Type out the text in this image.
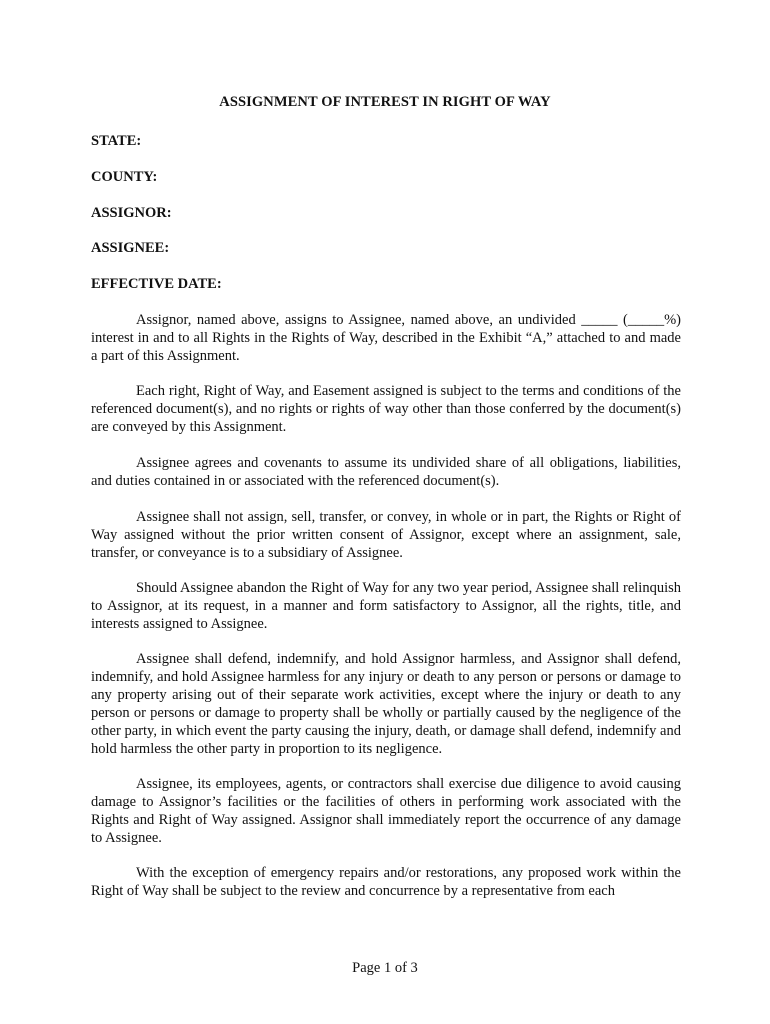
ASSIGNMENT OF INTEREST IN RIGHT OF WAY
STATE:
COUNTY:
ASSIGNOR:
ASSIGNEE:
EFFECTIVE DATE:

Assignor, named above, assigns to Assignee, named above, an undivided _____ (_____%) interest in and to all Rights in the Rights of Way, described in the Exhibit “A,” attached to and made a part of this Assignment.

Each right, Right of Way, and Easement assigned is subject to the terms and conditions of the referenced document(s), and no rights or rights of way other than those conferred by the document(s) are conveyed by this Assignment.

Assignee agrees and covenants to assume its undivided share of all obligations, liabilities, and duties contained in or associated with the referenced document(s).

Assignee shall not assign, sell, transfer, or convey, in whole or in part, the Rights or Right of Way assigned without the prior written consent of Assignor, except where an assignment, sale, transfer, or conveyance is to a subsidiary of Assignee.

Should Assignee abandon the Right of Way for any two year period, Assignee shall relinquish to Assignor, at its request, in a manner and form satisfactory to Assignor, all the rights, title, and interests assigned to Assignee.

Assignee shall defend, indemnify, and hold Assignor harmless, and Assignor shall defend, indemnify, and hold Assignee harmless for any injury or death to any person or persons or damage to any property arising out of their separate work activities, except where the injury or death to any person or persons or damage to property shall be wholly or partially caused by the negligence of the other party, in which event the party causing the injury, death, or damage shall defend, indemnify and hold harmless the other party in proportion to its negligence.

Assignee, its employees, agents, or contractors shall exercise due diligence to avoid causing damage to Assignor’s facilities or the facilities of others in performing work associated with the Rights and Right of Way assigned. Assignor shall immediately report the occurrence of any damage to Assignee.

With the exception of emergency repairs and/or restorations, any proposed work within the Right of Way shall be subject to the review and concurrence by a representative from each

Page 1 of 3
